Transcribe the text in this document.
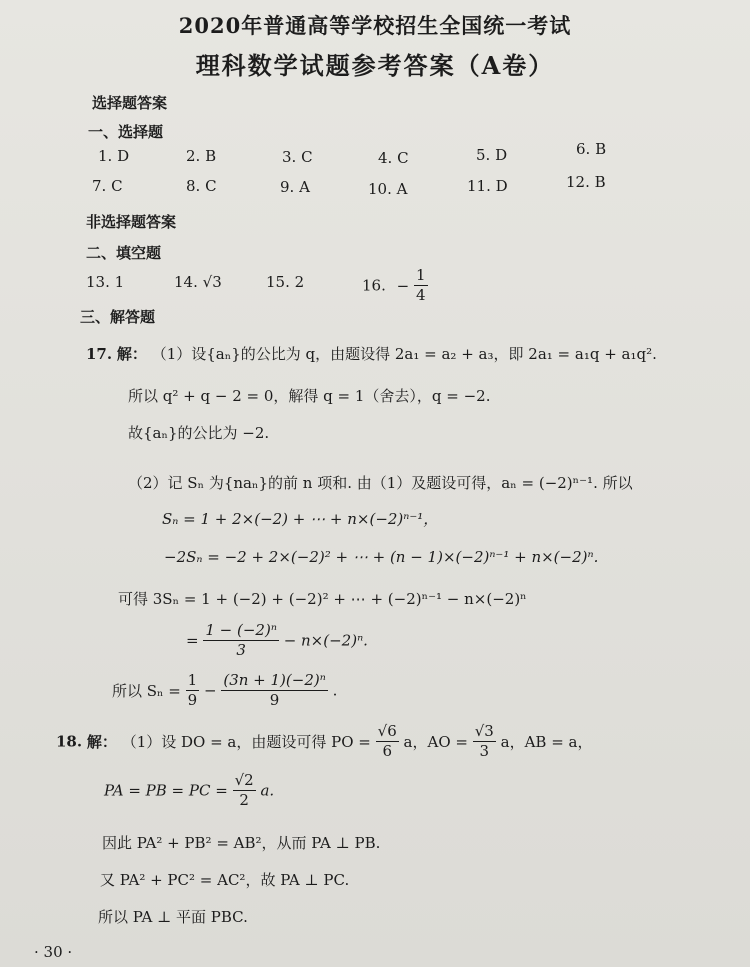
2020年普通高等学校招生全国统一考试
理科数学试题参考答案（A卷）
选择题答案
一、选择题
1. D	2. B	3. C	4. C	5. D	6. B
7. C	8. C	9. A	10. A	11. D	12. B
非选择题答案
二、填空题
13. 1	14. √3	15. 2	16. − $\frac{1}{4}$
三、解答题
17. 解： （1）设{aₙ}的公比为 q，由题设得 2a₁ = a₂ + a₃，即 2a₁ = a₁q + a₁q².
所以 q² + q − 2 = 0，解得 q = 1（舍去），q = −2.
故{aₙ}的公比为 −2.
（2）记 Sₙ 为{naₙ}的前 n 项和. 由（1）及题设可得，aₙ = (−2)ⁿ⁻¹. 所以
Sₙ = 1 + 2×(−2) + ⋯ + n×(−2)ⁿ⁻¹，
−2Sₙ = −2 + 2×(−2)² + ⋯ + (n − 1)×(−2)ⁿ⁻¹ + n×(−2)ⁿ.
可得 3Sₙ = 1 + (−2) + (−2)² + ⋯ + (−2)ⁿ⁻¹ − n×(−2)ⁿ
= $\frac{\text{1 − (−2)ⁿ}}{3} - n\times(-2)^n$.
所以 $S_n = \frac{1}{9} - \frac{\text{(3n + 1)(−2)ⁿ}}{9}$ .
18. 解： （1）设 DO = a，由题设可得 PO = $\frac{√6}{6}$ a，AO = $\frac{√3}{3}$ a，AB = a，
PA = PB = PC = $\frac{√2}{2} a$.
因此 PA² + PB² = AB²，从而 PA ⊥ PB.
又 PA² + PC² = AC²，故 PA ⊥ PC.
所以 PA ⊥ 平面 PBC.
· 30 ·
